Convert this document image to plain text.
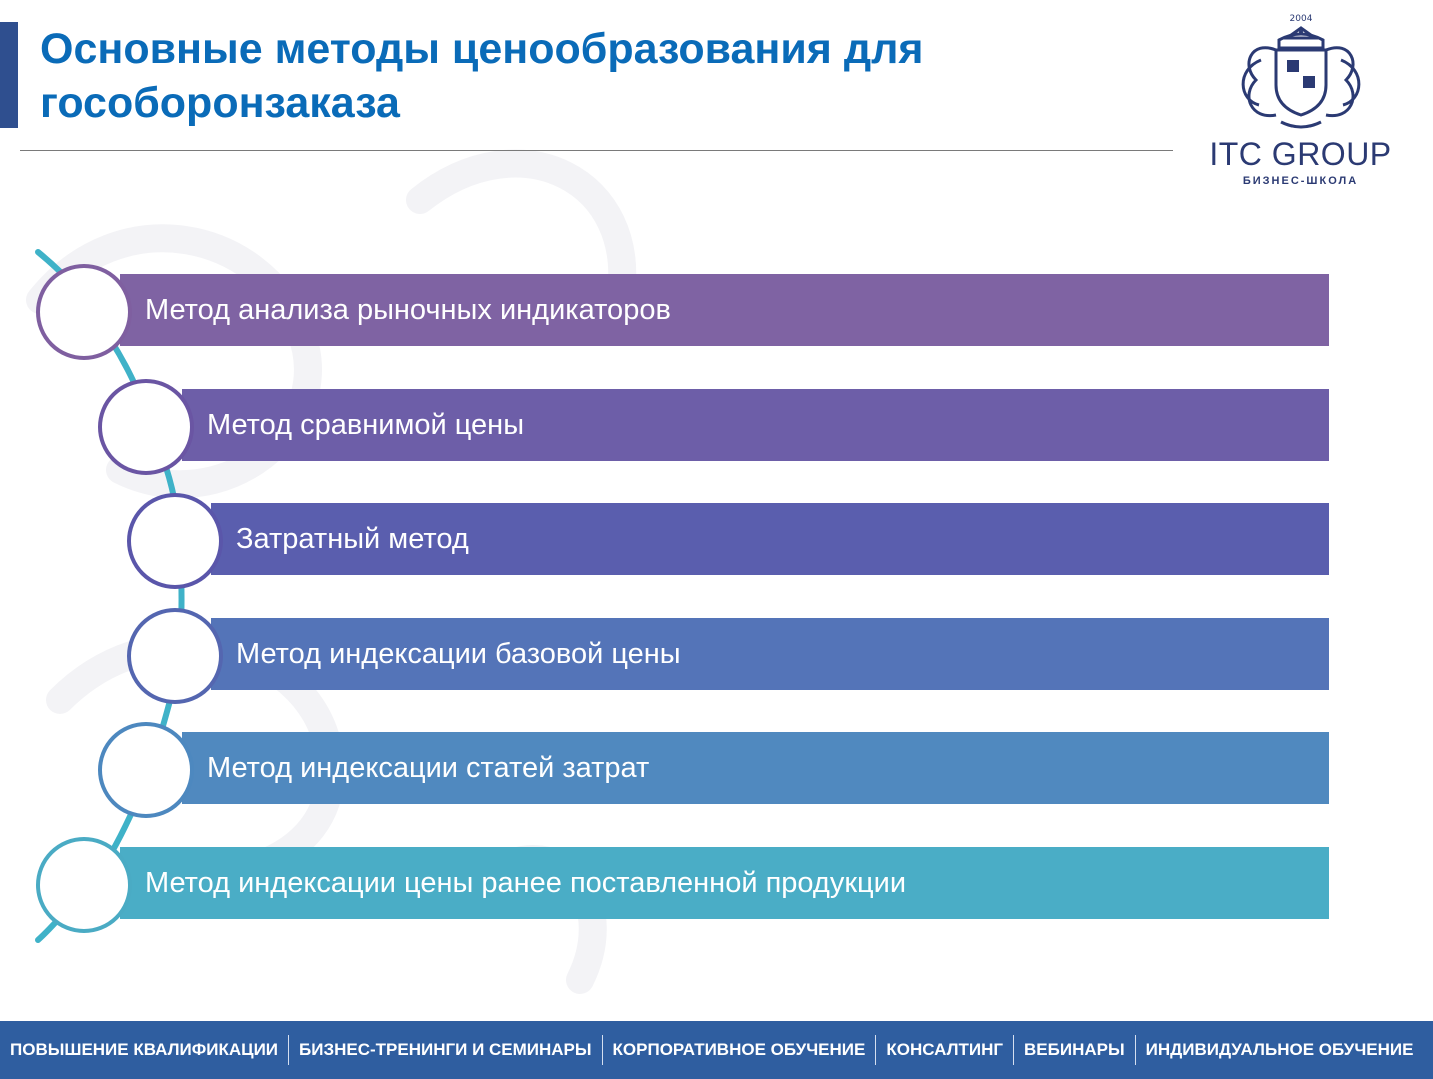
Основные методы ценообразования для гособоронзаказа
2004
ITC GROUP
БИЗНЕС-ШКОЛА
Метод анализа рыночных индикаторов
Метод сравнимой цены
Затратный метод
Метод индексации базовой цены
Метод индексации статей затрат
Метод индексации цены ранее поставленной продукции
ПОВЫШЕНИЕ КВАЛИФИКАЦИИ	БИЗНЕС-ТРЕНИНГИ И СЕМИНАРЫ	КОРПОРАТИВНОЕ ОБУЧЕНИЕ	КОНСАЛТИНГ	ВЕБИНАРЫ	ИНДИВИДУАЛЬНОЕ ОБУЧЕНИЕ
